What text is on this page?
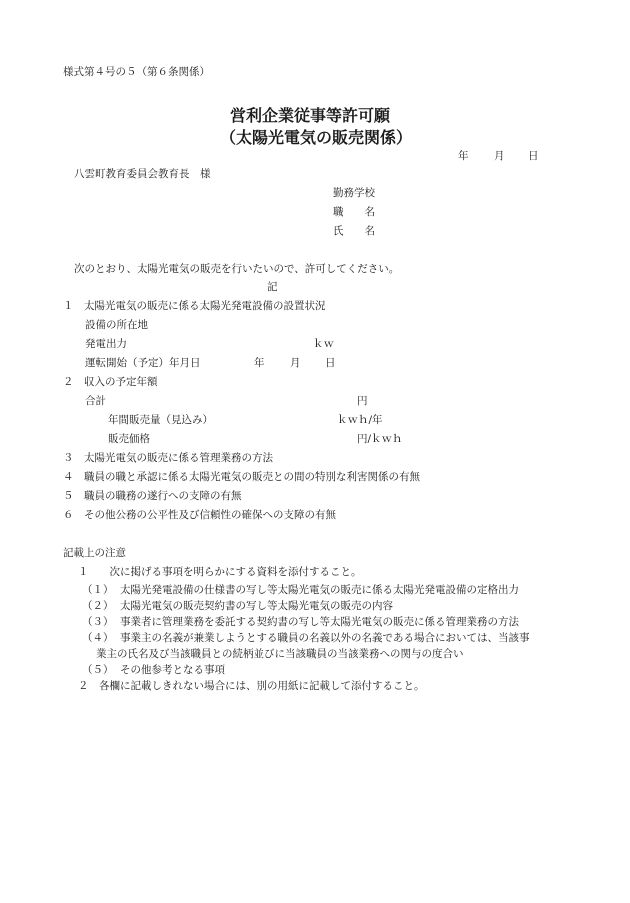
様式第４号の５（第６条関係）
営利企業従事等許可願
（太陽光電気の販売関係）
年 月 日
八雲町教育委員会教育長　様
勤務学校
職　　名
氏　　名
次のとおり、太陽光電気の販売を行いたいので、許可してください。
記
１　太陽光電気の販売に係る太陽光発電設備の設置状況
設備の所在地
発電出力	ｋｗ
運転開始（予定）年月日	年 月 日
２　収入の予定年額
合計	円
年間販売量（見込み）	ｋｗｈ/年
販売価格	円/ｋｗｈ
３　太陽光電気の販売に係る管理業務の方法
４　職員の職と承認に係る太陽光電気の販売との間の特別な利害関係の有無
５　職員の職務の遂行への支障の有無
６　その他公務の公平性及び信頼性の確保への支障の有無
記載上の注意
１　　次に掲げる事項を明らかにする資料を添付すること。
（１） 太陽光発電設備の仕様書の写し等太陽光電気の販売に係る太陽光発電設備の定格出力
（２） 太陽光電気の販売契約書の写し等太陽光電気の販売の内容
（３） 事業者に管理業務を委託する契約書の写し等太陽光電気の販売に係る管理業務の方法
（４） 事業主の名義が兼業しようとする職員の名義以外の名義である場合においては、当該事
業主の氏名及び当該職員との続柄並びに当該職員の当該業務への関与の度合い
（５） その他参考となる事項
２　各欄に記載しきれない場合には、別の用紙に記載して添付すること。
